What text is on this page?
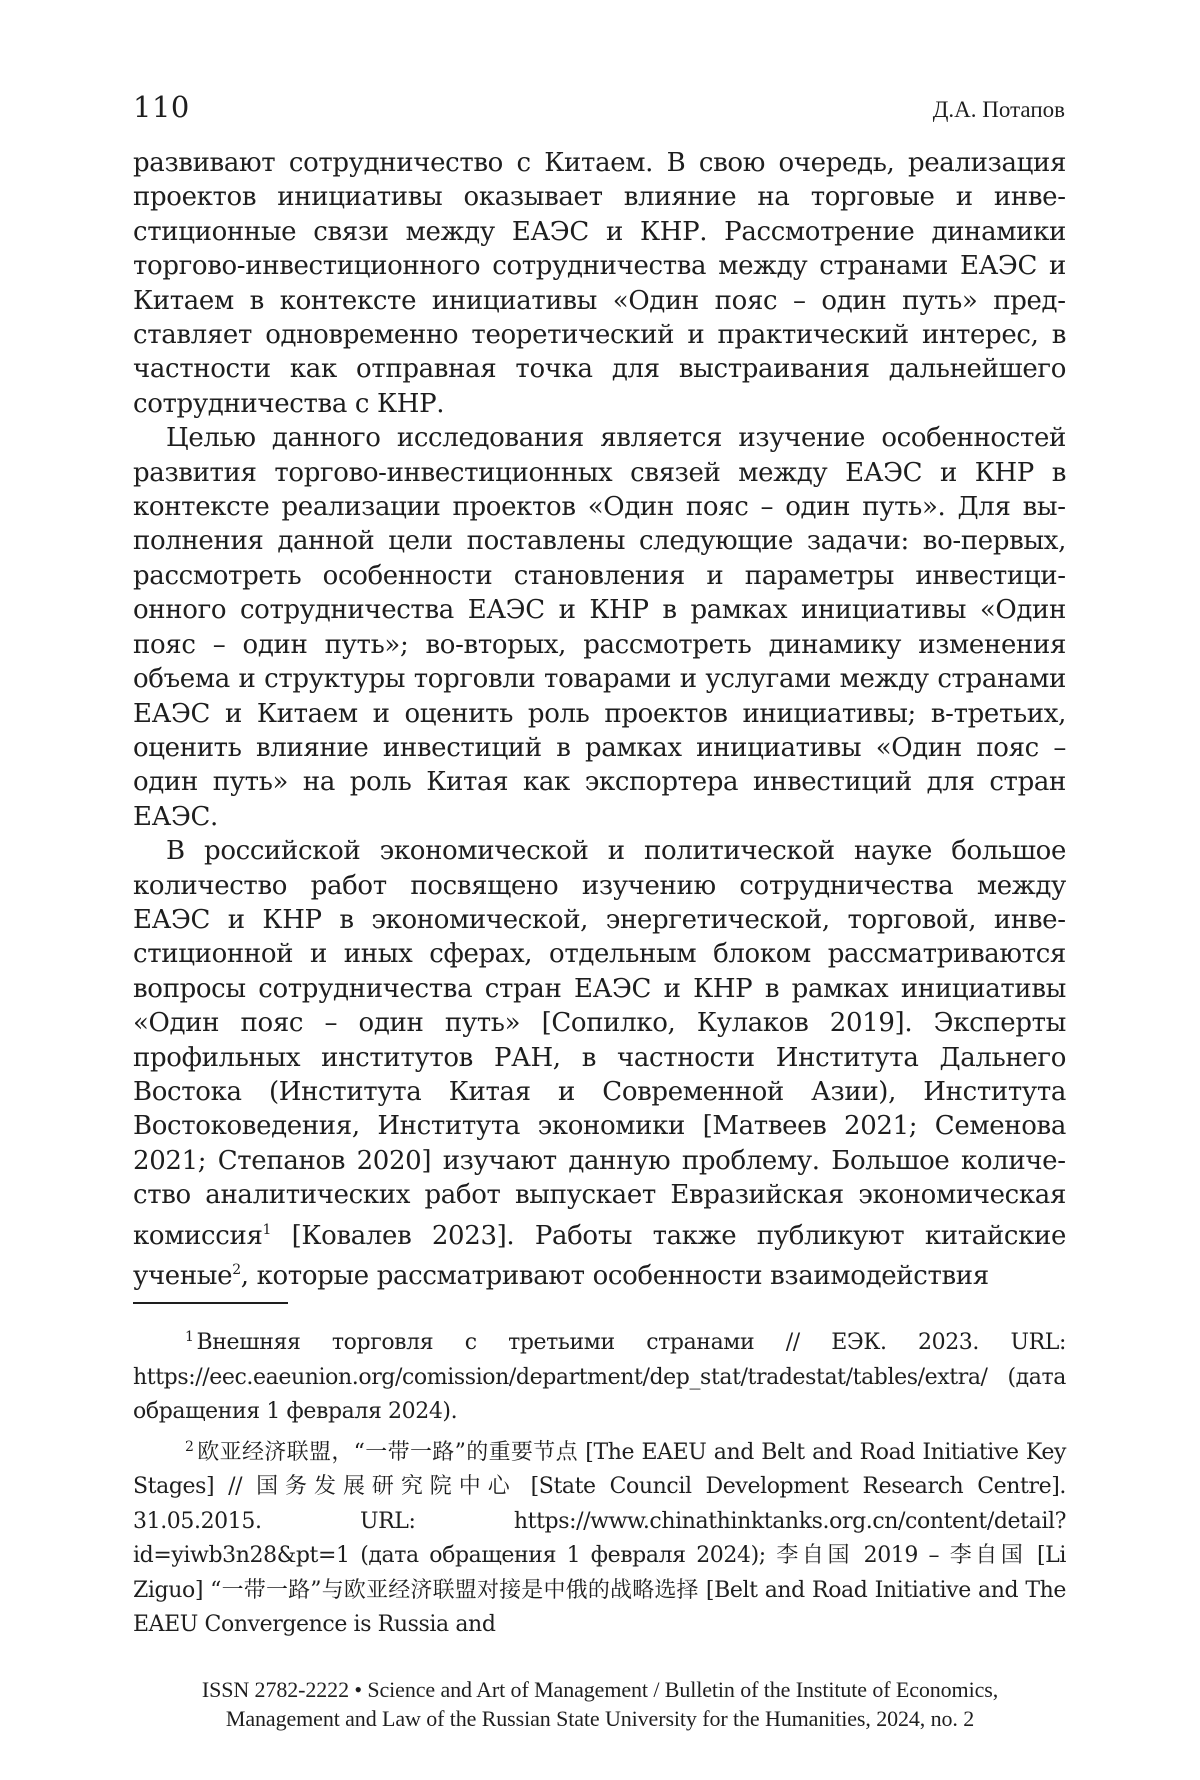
110	Д.А. Потапов

развивают сотрудничество с Китаем. В свою очередь, реализация проектов инициативы оказывает влияние на торговые и инве­стиционные связи между ЕАЭС и КНР. Рассмотрение динамики торгово-инвестиционного сотрудничества между странами ЕАЭС и Китаем в контексте инициативы «Один пояс – один путь» пред­ставляет одновременно теоретический и практический интерес, в частности как отправная точка для выстраивания дальнейшего сотрудничества с КНР.

Целью данного исследования является изучение особенностей развития торгово-инвестиционных связей между ЕАЭС и КНР в контексте реализации проектов «Один пояс – один путь». Для вы­полнения данной цели поставлены следующие задачи: во-первых, рассмотреть особенности становления и параметры инвестици­онного сотрудничества ЕАЭС и КНР в рамках инициативы «Один пояс – один путь»; во-вторых, рассмотреть динамику изменения объема и структуры торговли товарами и услугами между страна­ми ЕАЭС и Китаем и оценить роль проектов инициативы; в-тре­тьих, оценить влияние инвестиций в рамках инициативы «Один пояс – один путь» на роль Китая как экспортера инвестиций для стран ЕАЭС.

В российской экономической и политической науке большое количество работ посвящено изучению сотрудничества между ЕАЭС и КНР в экономической, энергетической, торговой, инве­стиционной и иных сферах, отдельным блоком рассматриваются вопросы сотрудничества стран ЕАЭС и КНР в рамках инициати­вы «Один пояс – один путь» [Сопилко, Кулаков 2019]. Эксперты профильных институтов РАН, в частности Института Дальнего Востока (Института Китая и Современной Азии), Института Востоковедения, Института экономики [Матвеев 2021; Семенова 2021; Степанов 2020] изучают данную проблему. Большое количе­ство аналитических работ выпускает Евразийская экономическая комиссия1 [Ковалев 2023]. Работы также публикуют китайские ученые2, которые рассматривают особенности взаимодействия

1 Внешняя торговля с третьими странами // ЕЭК. 2023. URL: https://eec.eaeunion.org/comission/department/dep_stat/tradestat/tables/extra/ (дата обращения 1 февраля 2024).

2 欧亚经济联盟，“一带一路”的重要节点 [The EAEU and Belt and Road Initiative Key Stages] // 国务发展研究院中心 [State Council Develop­ment Research Centre]. 31.05.2015. URL: https://www.chinathinktanks.org.cn/content/detail?id=yiwb3n28&pt=1 (дата обращения 1 февраля 2024); 李自国 2019 – 李自国 [Li Ziguo] “一带一路”与欧亚经济联盟对接是中俄的战略选择 [Belt and Road Initiative and The EAEU Convergence is Russia and

ISSN 2782-2222 • Science and Art of Management / Bulletin of the Institute of Economics,
Management and Law of the Russian State University for the Humanities, 2024, no. 2
